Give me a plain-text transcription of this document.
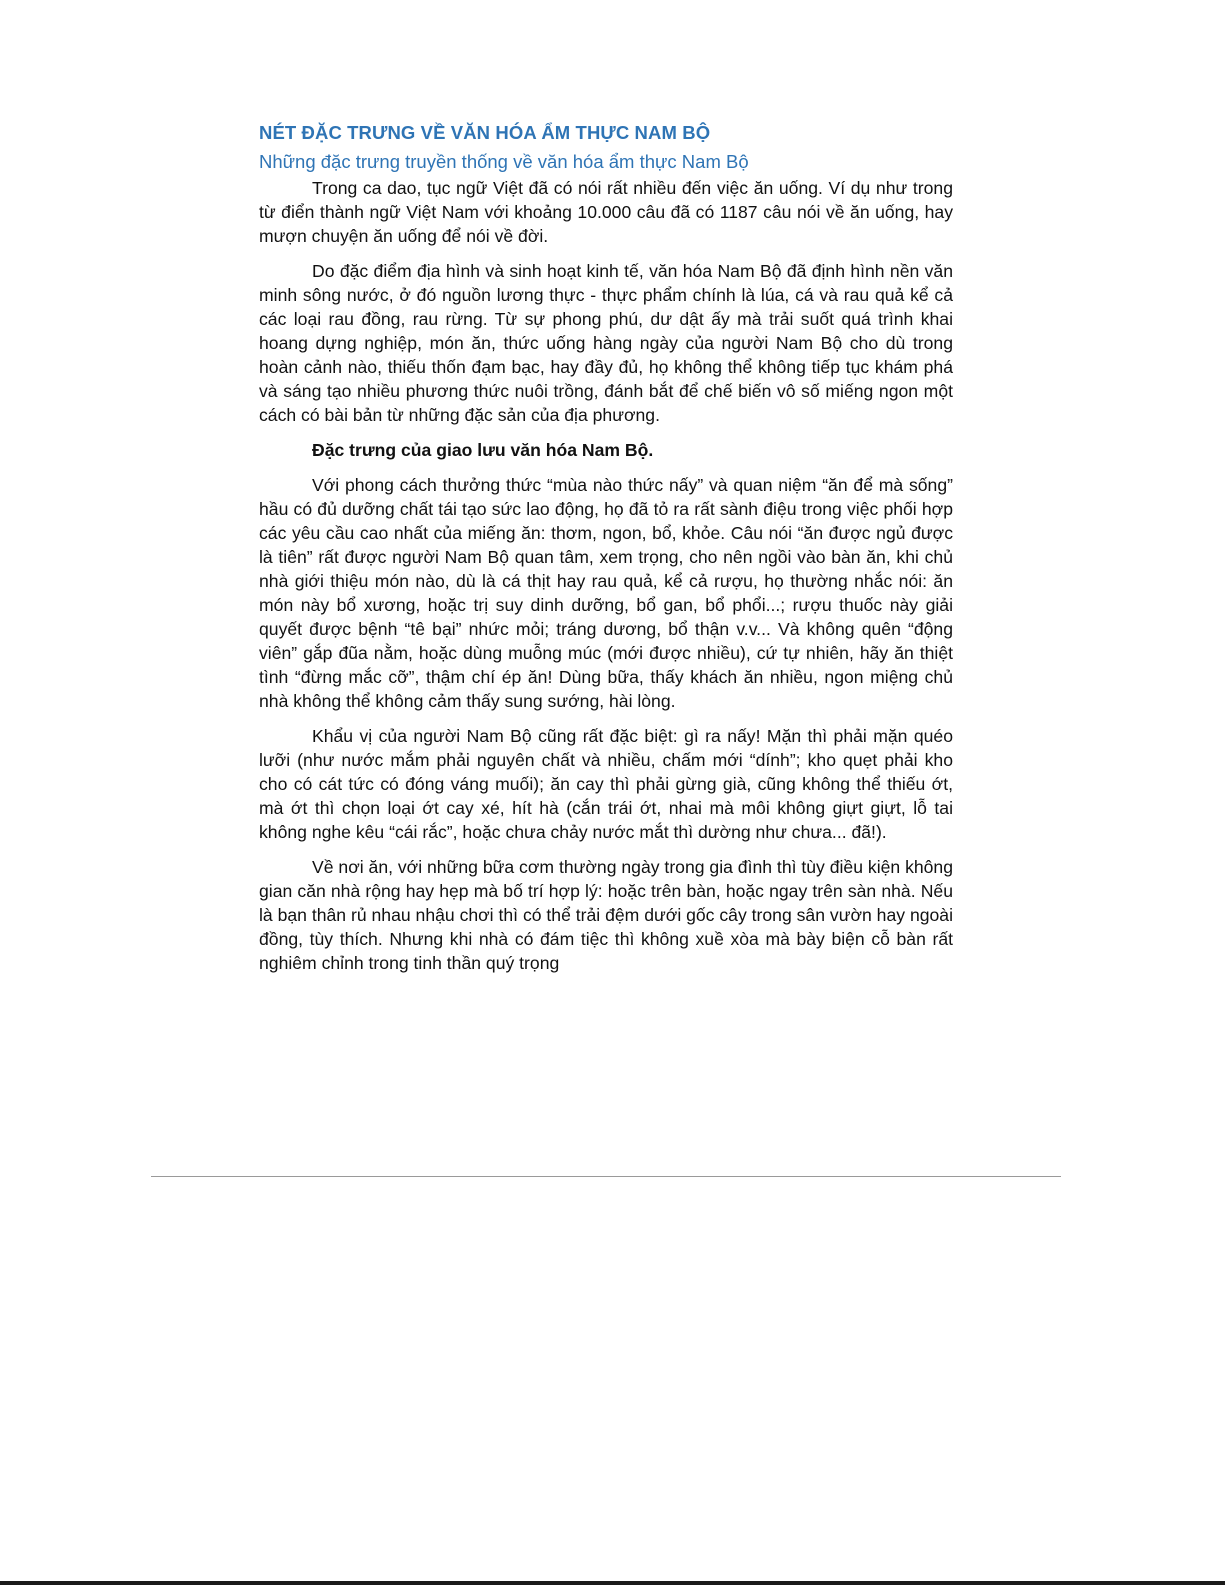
NÉT ĐẶC TRƯNG VỀ VĂN HÓA ẨM THỰC NAM BỘ
Những đặc trưng truyền thống về văn hóa ẩm thực Nam Bộ

Trong ca dao, tục ngữ Việt đã có nói rất nhiều đến việc ăn uống. Ví dụ như trong từ điển thành ngữ Việt Nam với khoảng 10.000 câu đã có 1187 câu nói về ăn uống, hay mượn chuyện ăn uống để nói về đời.

Do đặc điểm địa hình và sinh hoạt kinh tế, văn hóa Nam Bộ đã định hình nền văn minh sông nước, ở đó nguồn lương thực - thực phẩm chính là lúa, cá và rau quả kể cả các loại rau đồng, rau rừng. Từ sự phong phú, dư dật ấy mà trải suốt quá trình khai hoang dựng nghiệp, món ăn, thức uống hàng ngày của người Nam Bộ cho dù trong hoàn cảnh nào, thiếu thốn đạm bạc, hay đầy đủ, họ không thể không tiếp tục khám phá và sáng tạo nhiều phương thức nuôi trồng, đánh bắt để chế biến vô số miếng ngon một cách có bài bản từ những đặc sản của địa phương.

Đặc trưng của giao lưu văn hóa Nam Bộ.

Với phong cách thưởng thức “mùa nào thức nấy” và quan niệm “ăn để mà sống” hầu có đủ dưỡng chất tái tạo sức lao động, họ đã tỏ ra rất sành điệu trong việc phối hợp các yêu cầu cao nhất của miếng ăn: thơm, ngon, bổ, khỏe. Câu nói “ăn được ngủ được là tiên” rất được người Nam Bộ quan tâm, xem trọng, cho nên ngồi vào bàn ăn, khi chủ nhà giới thiệu món nào, dù là cá thịt hay rau quả, kể cả rượu, họ thường nhắc nói: ăn món này bổ xương, hoặc trị suy dinh dưỡng, bổ gan, bổ phổi...; rượu thuốc này giải quyết được bệnh “tê bại” nhức mỏi; tráng dương, bổ thận v.v... Và không quên “động viên” gắp đũa nằm, hoặc dùng muỗng múc (mới được nhiều), cứ tự nhiên, hãy ăn thiệt tình “đừng mắc cỡ”, thậm chí ép ăn! Dùng bữa, thấy khách ăn nhiều, ngon miệng chủ nhà không thể không cảm thấy sung sướng, hài lòng.

Khẩu vị của người Nam Bộ cũng rất đặc biệt: gì ra nấy! Mặn thì phải mặn quéo lưỡi (như nước mắm phải nguyên chất và nhiều, chấm mới “dính”; kho quẹt phải kho cho có cát tức có đóng váng muối); ăn cay thì phải gừng già, cũng không thể thiếu ớt, mà ớt thì chọn loại ớt cay xé, hít hà (cắn trái ớt, nhai mà môi không giựt giựt, lỗ tai không nghe kêu “cái rắc”, hoặc chưa chảy nước mắt thì dường như chưa... đã!).

Về nơi ăn, với những bữa cơm thường ngày trong gia đình thì tùy điều kiện không gian căn nhà rộng hay hẹp mà bố trí hợp lý: hoặc trên bàn, hoặc ngay trên sàn nhà. Nếu là bạn thân rủ nhau nhậu chơi thì có thể trải đệm dưới gốc cây trong sân vườn hay ngoài đồng, tùy thích. Nhưng khi nhà có đám tiệc thì không xuề xòa mà bày biện cỗ bàn rất nghiêm chỉnh trong tinh thần quý trọng
